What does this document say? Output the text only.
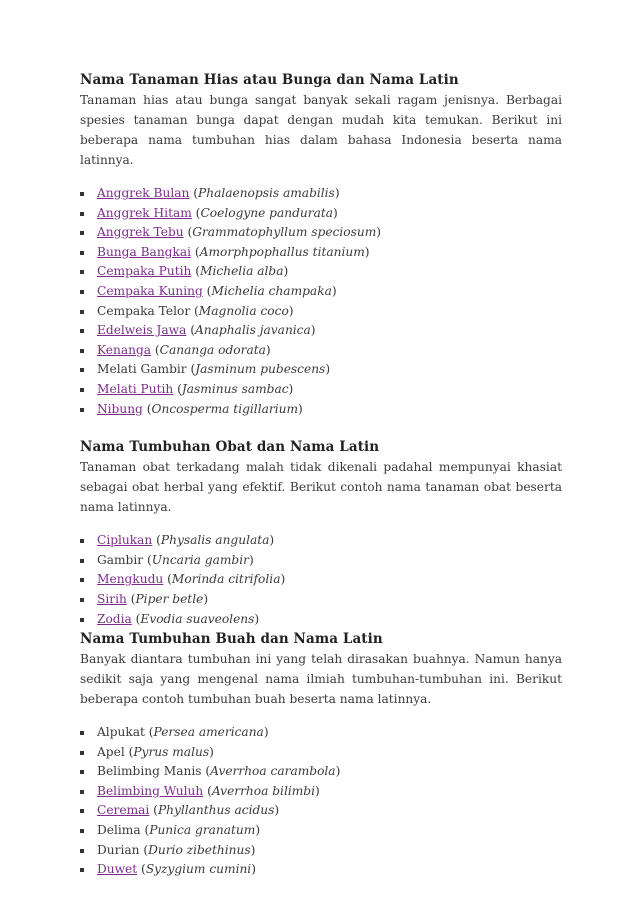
Nama Tanaman Hias atau Bunga dan Nama Latin

Tanaman hias atau bunga sangat banyak sekali ragam jenisnya. Berbagai spesies tanaman bunga dapat dengan mudah kita temukan. Berikut ini beberapa nama tumbuhan hias dalam bahasa Indonesia beserta nama latinnya.

Anggrek Bulan (Phalaenopsis amabilis)
Anggrek Hitam (Coelogyne pandurata)
Anggrek Tebu (Grammatophyllum speciosum)
Bunga Bangkai (Amorphpophallus titanium)
Cempaka Putih (Michelia alba)
Cempaka Kuning (Michelia champaka)
Cempaka Telor (Magnolia coco)
Edelweis Jawa (Anaphalis javanica)
Kenanga (Cananga odorata)
Melati Gambir (Jasminum pubescens)
Melati Putih (Jasminus sambac)
Nibung (Oncosperma tigillarium)
Nama Tumbuhan Obat dan Nama Latin

Tanaman obat terkadang malah tidak dikenali padahal mempunyai khasiat sebagai obat herbal yang efektif. Berikut contoh nama tanaman obat beserta nama latinnya.

Ciplukan (Physalis angulata)
Gambir (Uncaria gambir)
Mengkudu (Morinda citrifolia)
Sirih (Piper betle)
Zodia (Evodia suaveolens)
Nama Tumbuhan Buah dan Nama Latin

Banyak diantara tumbuhan ini yang telah dirasakan buahnya. Namun hanya sedikit saja yang mengenal nama ilmiah tumbuhan-tumbuhan ini. Berikut beberapa contoh tumbuhan buah beserta nama latinnya.

Alpukat (Persea americana)
Apel (Pyrus malus)
Belimbing Manis (Averrhoa carambola)
Belimbing Wuluh (Averrhoa bilimbi)
Ceremai (Phyllanthus acidus)
Delima (Punica granatum)
Durian (Durio zibethinus)
Duwet (Syzygium cumini)
